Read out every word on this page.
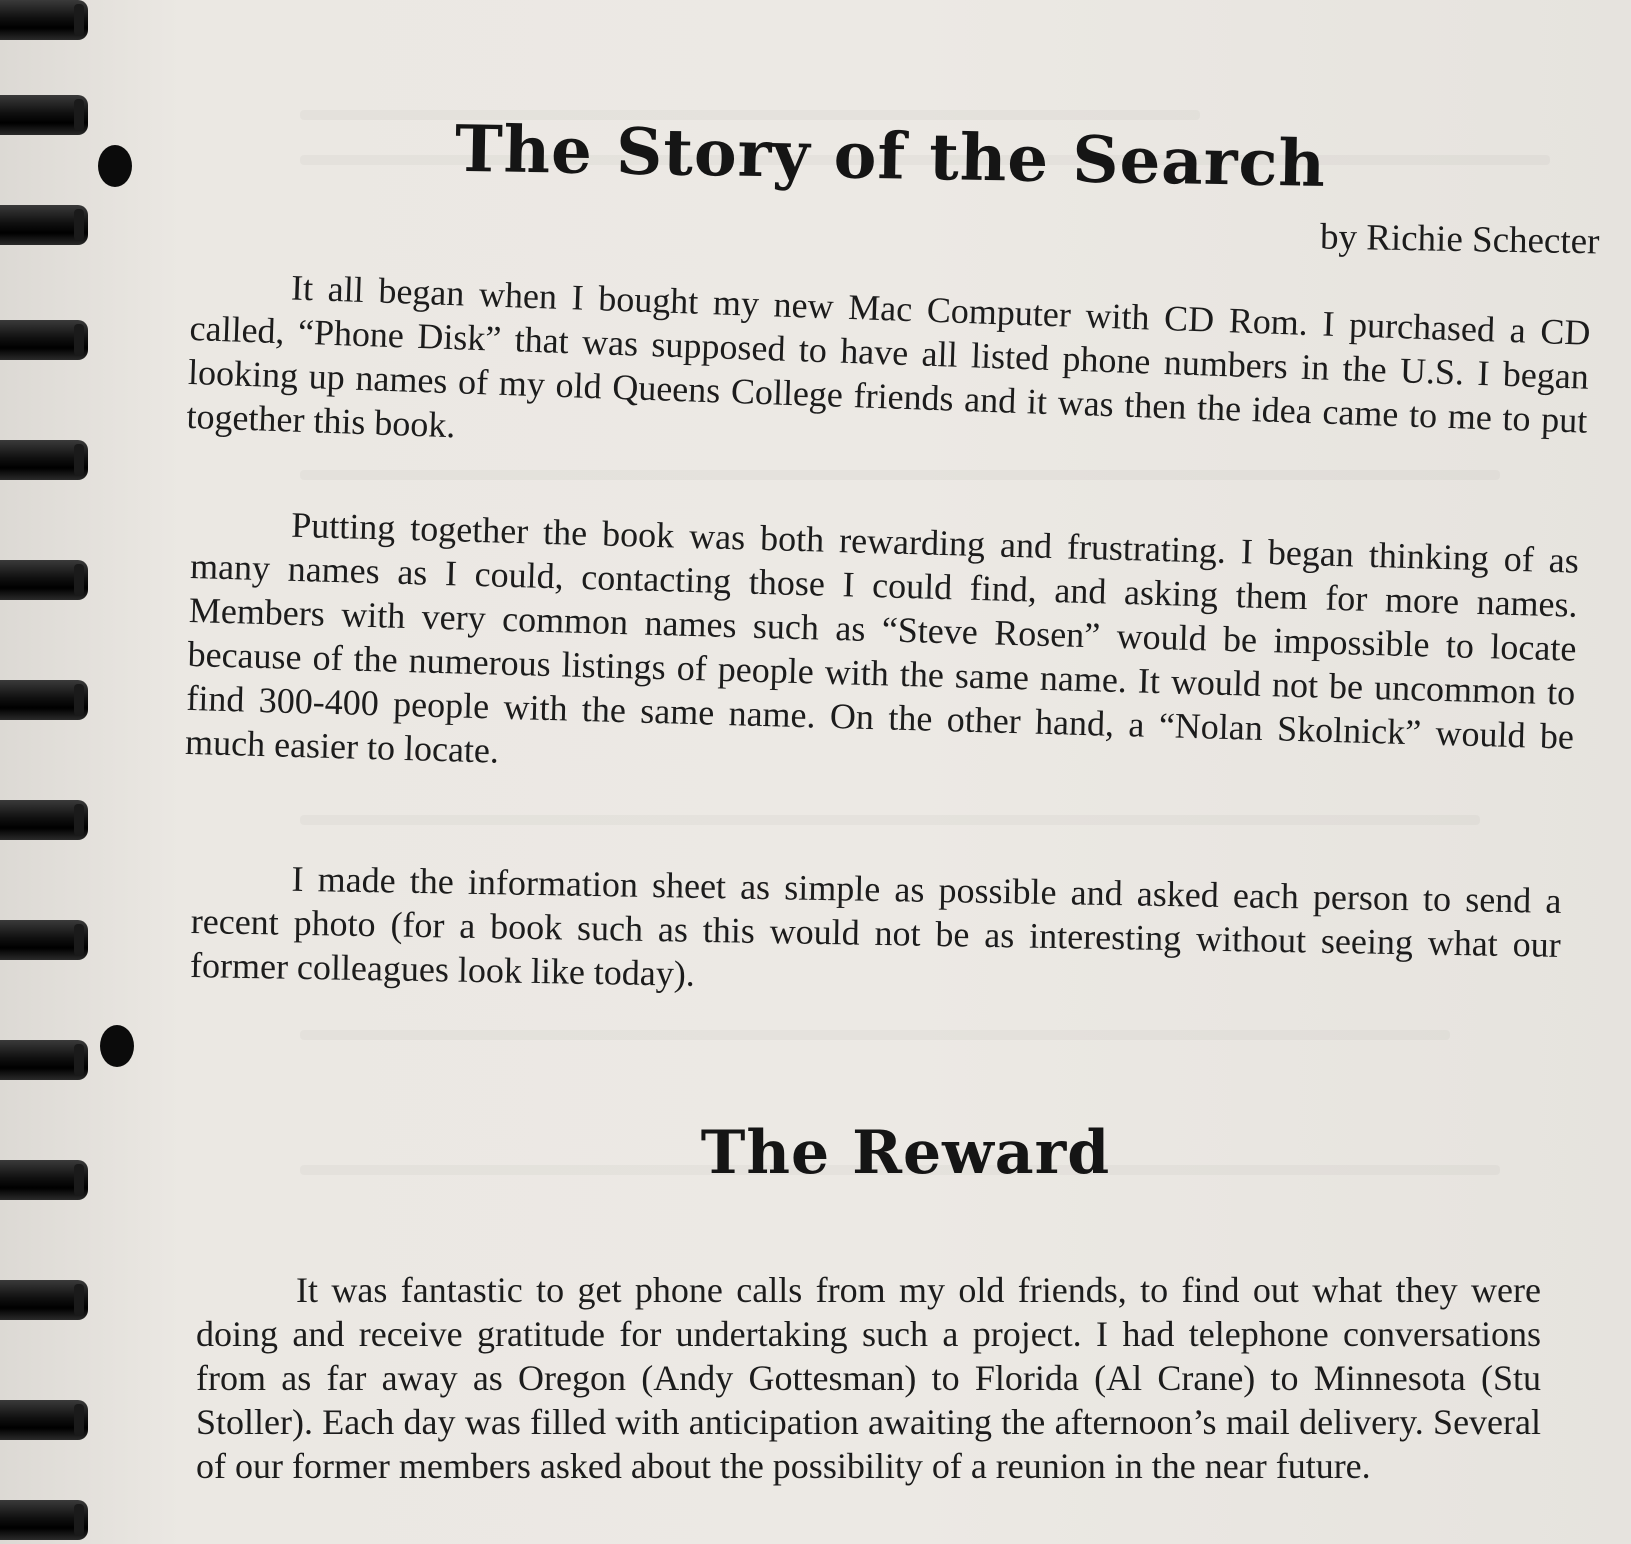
The Story of the Search
by Richie Schecter

It all began when I bought my new Mac Computer with CD Rom. I purchased a CD called, “Phone Disk” that was supposed to have all listed phone numbers in the U.S. I began looking up names of my old Queens College friends and it was then the idea came to me to put together this book.

Putting together the book was both rewarding and frustrating. I began thinking of as many names as I could, contacting those I could find, and asking them for more names. Members with very common names such as “Steve Rosen” would be impossible to locate because of the numerous listings of people with the same name. It would not be uncommon to find 300-400 people with the same name. On the other hand, a “Nolan Skolnick” would be much easier to locate.

I made the information sheet as simple as possible and asked each person to send a recent photo (for a book such as this would not be as interesting without seeing what our former colleagues look like today).

The Reward

It was fantastic to get phone calls from my old friends, to find out what they were doing and receive gratitude for undertaking such a project. I had telephone conversations from as far away as Oregon (Andy Gottesman) to Florida (Al Crane) to Minnesota (Stu Stoller). Each day was filled with anticipation awaiting the afternoon’s mail delivery. Several of our former members asked about the possibility of a reunion in the near future.
